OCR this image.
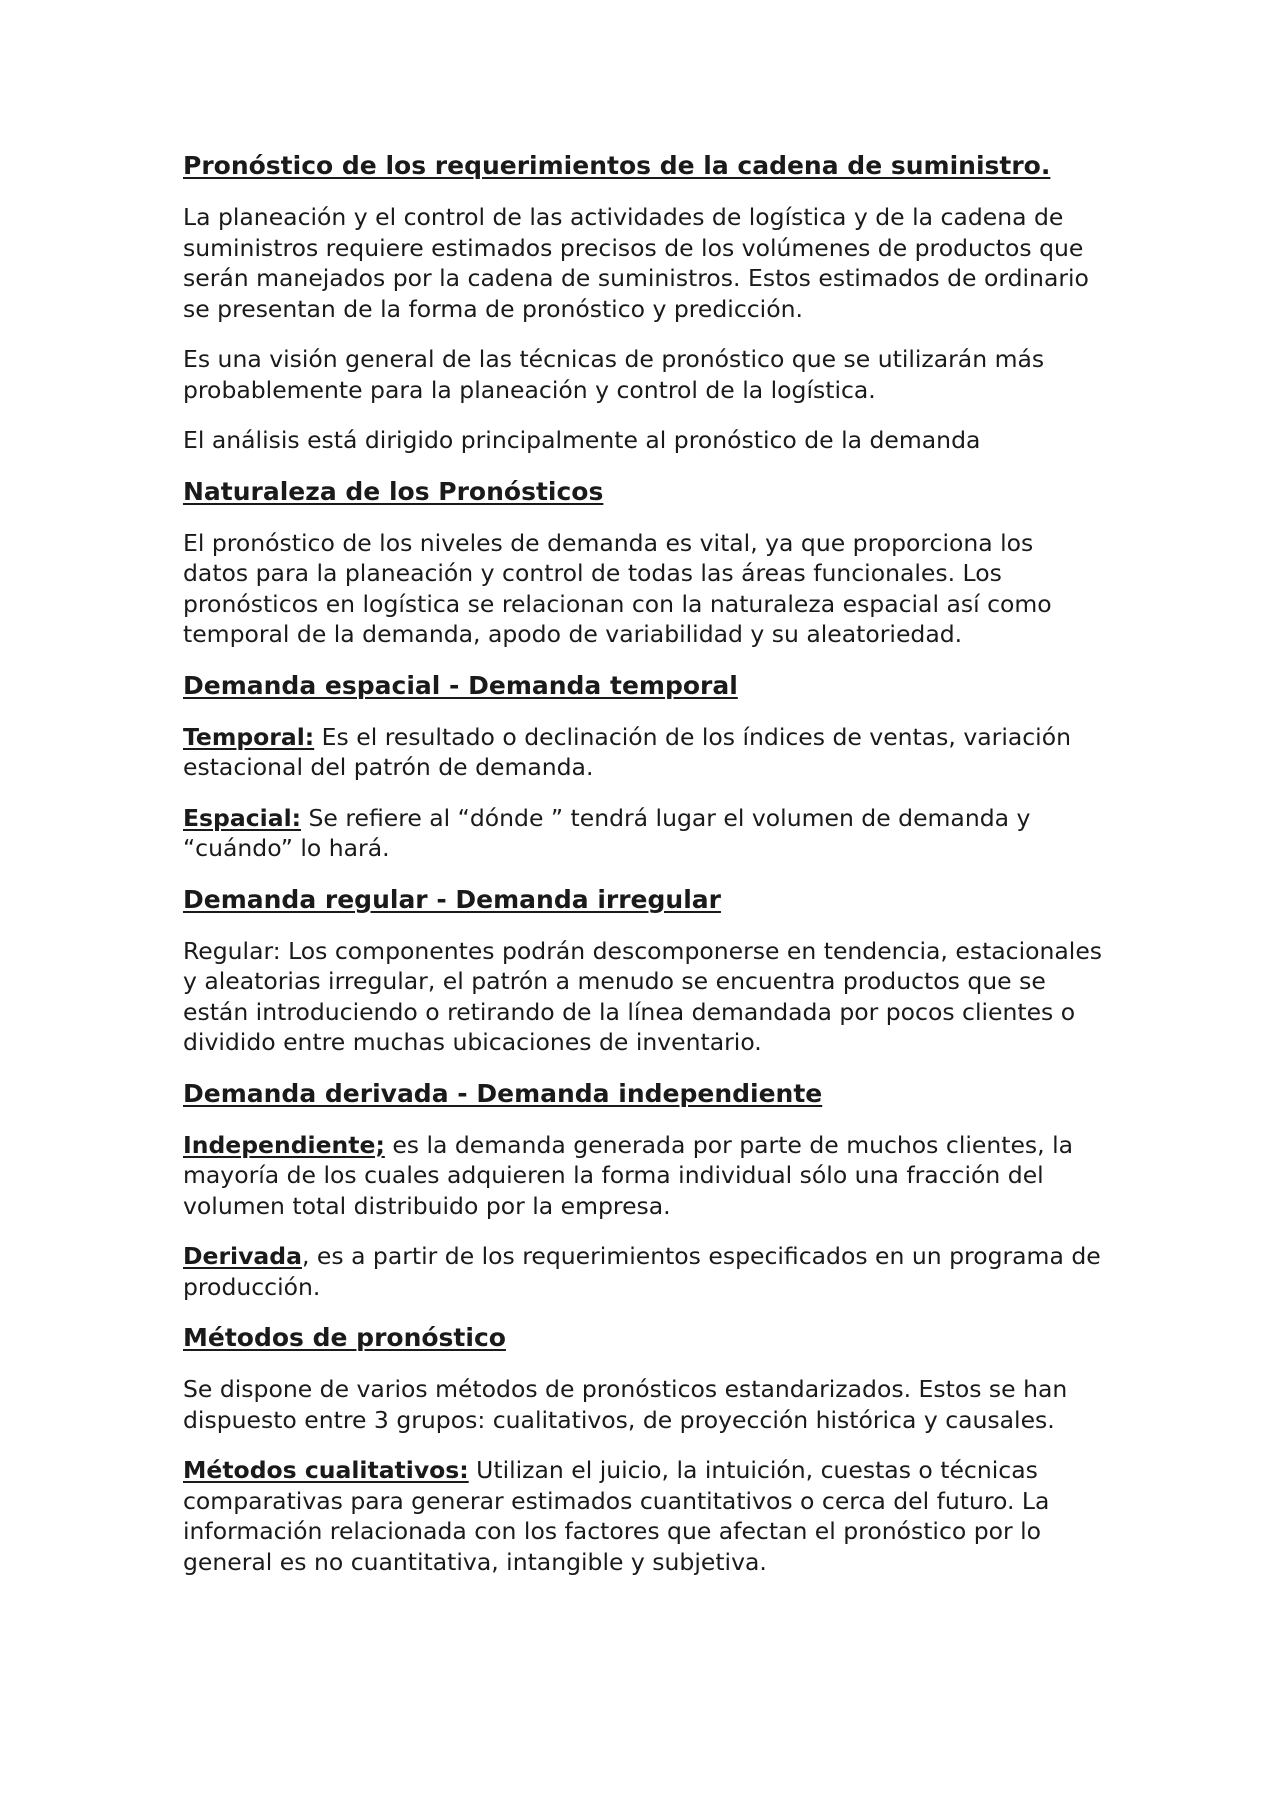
Pronóstico de los requerimientos de la cadena de suministro.

La planeación y el control de las actividades de logística y de la cadena de suministros requiere estimados precisos de los volúmenes de productos que serán manejados por la cadena de suministros. Estos estimados de ordinario se presentan de la forma de pronóstico y predicción.

Es una visión general de las técnicas de pronóstico que se utilizarán más probablemente para la planeación y control de la logística.

El análisis está dirigido principalmente al pronóstico de la demanda

Naturaleza de los Pronósticos

El pronóstico de los niveles de demanda es vital, ya que proporciona los datos para la planeación y control de todas las áreas funcionales. Los pronósticos en logística se relacionan con la naturaleza espacial así como temporal de la demanda, apodo de variabilidad y su aleatoriedad.

Demanda espacial - Demanda temporal

Temporal: Es el resultado o declinación de los índices de ventas, variación estacional del patrón de demanda.

Espacial: Se refiere al “dónde ” tendrá lugar el volumen de demanda y “cuándo” lo hará.

Demanda regular - Demanda irregular

Regular: Los componentes podrán descomponerse en tendencia, estacionales y aleatorias irregular, el patrón a menudo se encuentra productos que se están introduciendo o retirando de la línea demandada por pocos clientes o dividido entre muchas ubicaciones de inventario.

Demanda derivada - Demanda independiente

Independiente; es la demanda generada por parte de muchos clientes, la mayoría de los cuales adquieren la forma individual sólo una fracción del volumen total distribuido por la empresa.

Derivada, es a partir de los requerimientos especificados en un programa de producción.

Métodos de pronóstico

Se dispone de varios métodos de pronósticos estandarizados. Estos se han dispuesto entre 3 grupos: cualitativos, de proyección histórica y causales.

Métodos cualitativos: Utilizan el juicio, la intuición, cuestas o técnicas comparativas para generar estimados cuantitativos o cerca del futuro. La información relacionada con los factores que afectan el pronóstico por lo general es no cuantitativa, intangible y subjetiva.
